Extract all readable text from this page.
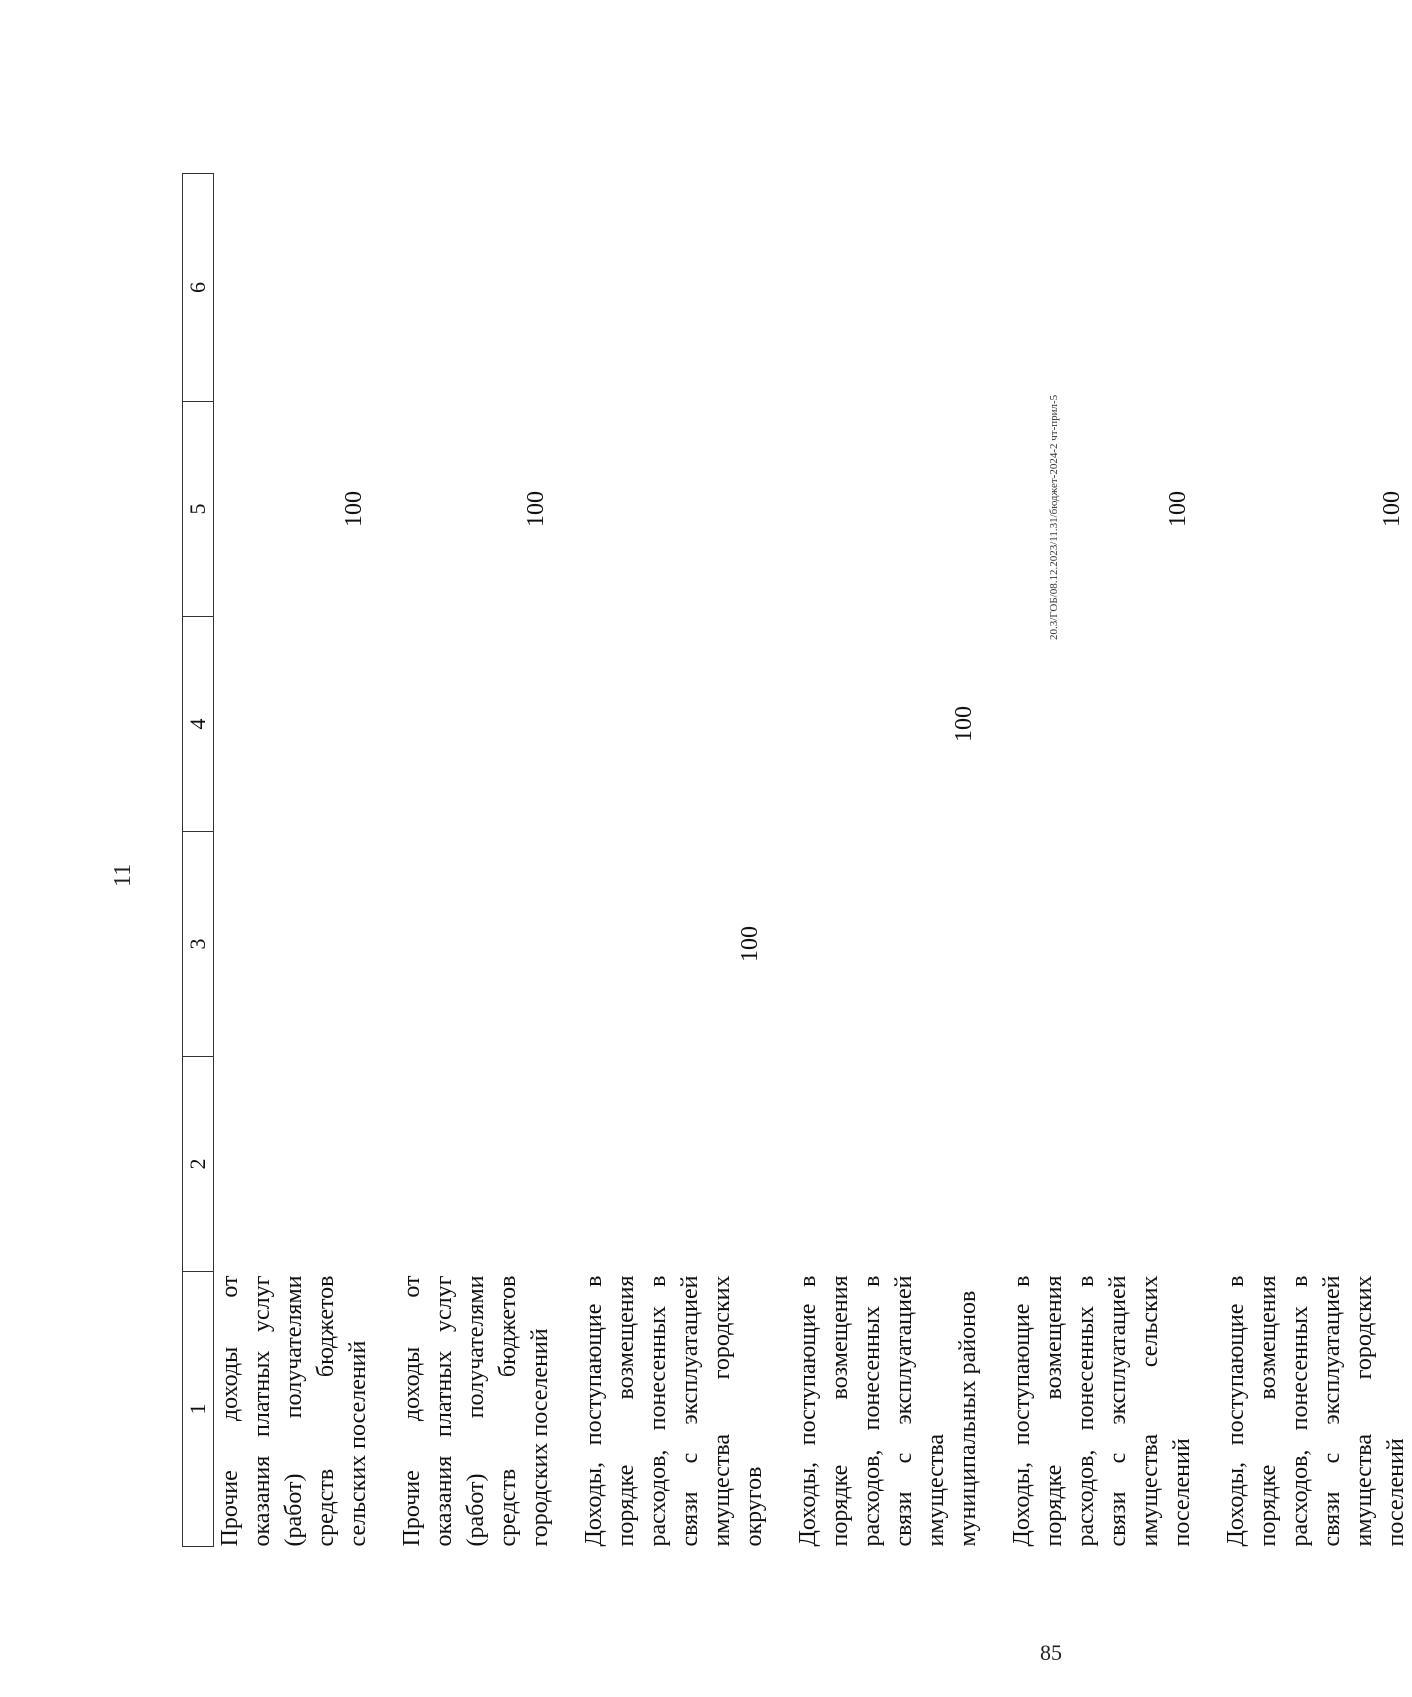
11
1	2	3	4	5	6
Прочие доходы от оказания платных услуг (работ) получателями средств бюджетов сельских поселений				100	

Прочие доходы от оказания платных услуг (работ) получателями средств бюджетов городских поселений				100	

Доходы, поступающие в порядке возмещения расходов, понесенных в связи с эксплуатацией имущества городских округов		100			

Доходы, поступающие в порядке возмещения расходов, понесенных в связи с эксплуатацией имущества муниципальных районов			100		

Доходы, поступающие в порядке возмещения расходов, понесенных в связи с эксплуатацией имущества сельских поселений				100	

Доходы, поступающие в порядке возмещения расходов, понесенных в связи с эксплуатацией имущества городских поселений				100	
20.3/ГОБ/08.12.2023/11.31/бюджет-2024-2 чт-прил-5
85
